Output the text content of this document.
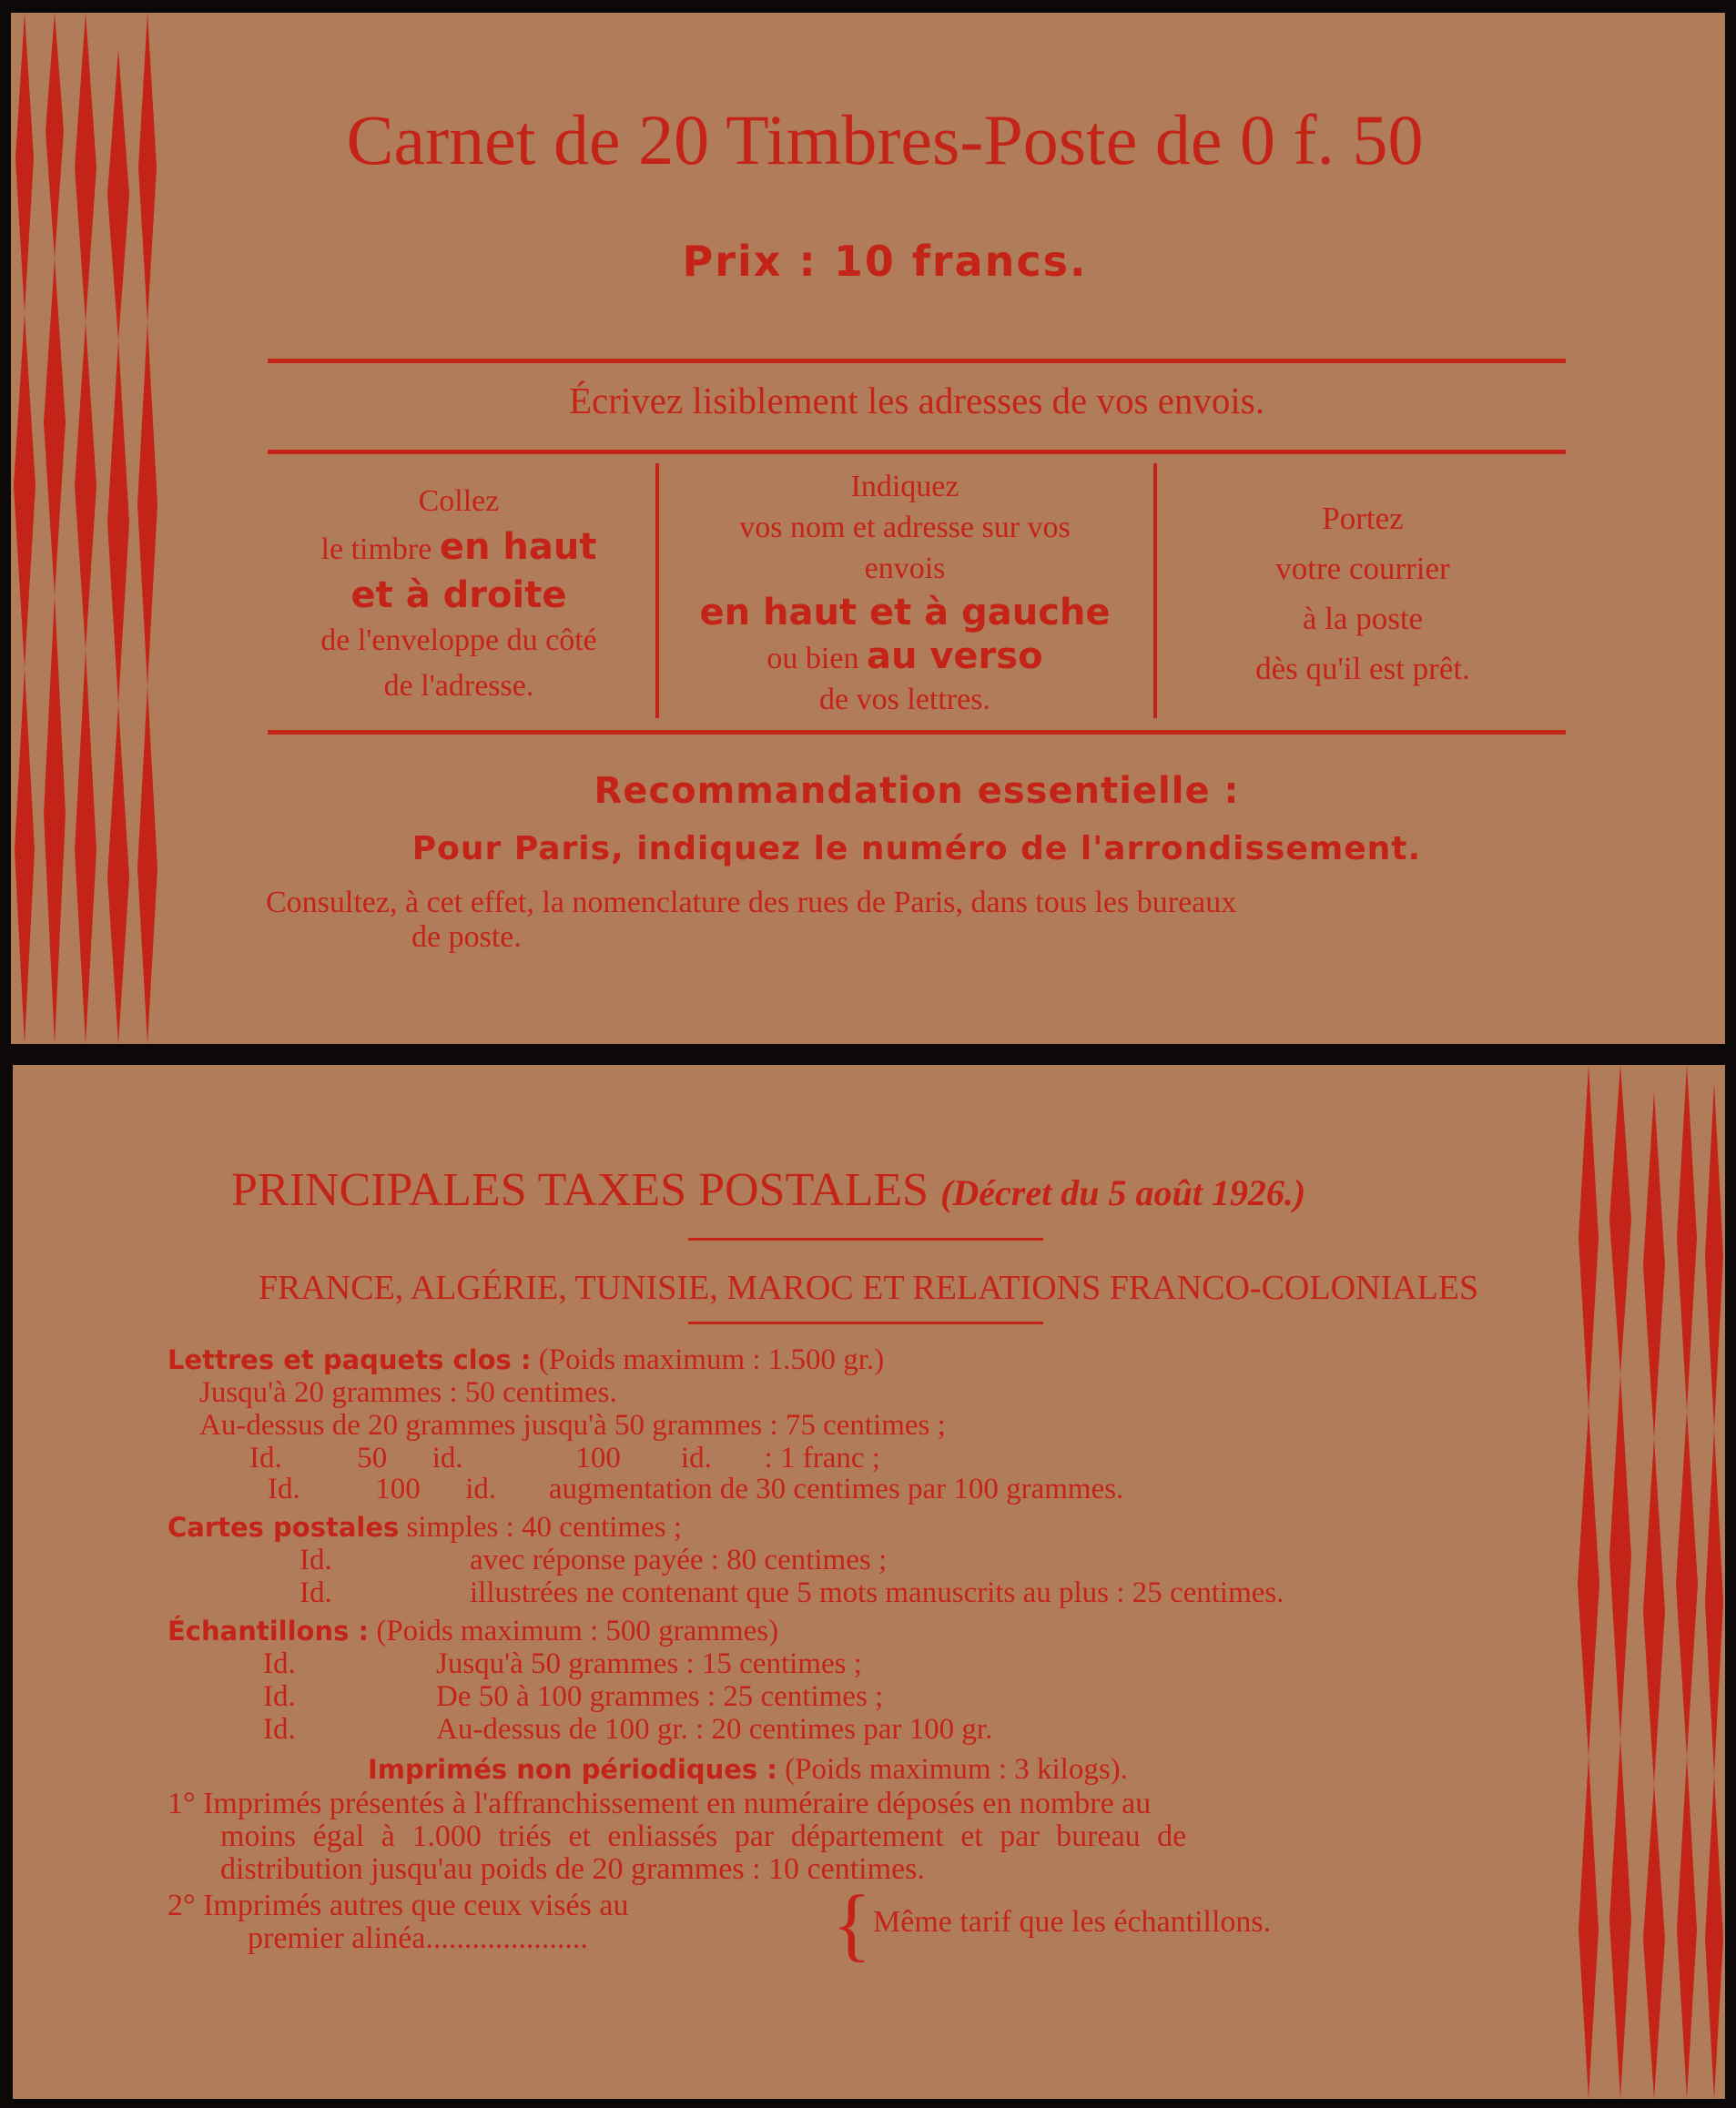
Carnet de 20 Timbres-Poste de 0 f. 50
Prix : 10 francs.
Écrivez lisiblement les adresses de vos envois.
Collez
le timbre en haut
et à droite
de l'enveloppe du côté
de l'adresse.
Indiquez
vos nom et adresse sur vos
envois
en haut et à gauche
ou bien au verso
de vos lettres.
Portez
votre courrier
à la poste
dès qu'il est prêt.
Recommandation essentielle :
Pour Paris, indiquez le numéro de l'arrondissement.
Consultez, à cet effet, la nomenclature des rues de Paris, dans tous les bureaux
de poste.
PRINCIPALES TAXES POSTALES (Décret du 5 août 1926.)
FRANCE, ALGÉRIE, TUNISIE, MAROC ET RELATIONS FRANCO-COLONIALES
Lettres et paquets clos : (Poids maximum : 1.500 gr.)
Jusqu'à 20 grammes : 50 centimes.
Au-dessus de 20 grammes jusqu'à 50 grammes : 75 centimes ;
Id.          50      id.               100        id.       : 1 franc ;
Id.          100      id.       augmentation de 30 centimes par 100 grammes.
Cartes postales simples : 40 centimes ;
Id.	avec réponse payée : 80 centimes ;
Id.	illustrées ne contenant que 5 mots manuscrits au plus : 25 centimes.
Échantillons : (Poids maximum : 500 grammes)
Id.	Jusqu'à 50 grammes : 15 centimes ;
Id.	De 50 à 100 grammes : 25 centimes ;
Id.	Au-dessus de 100 gr. : 20 centimes par 100 gr.
Imprimés non périodiques : (Poids maximum : 3 kilogs).
1° Imprimés présentés à l'affranchissement en numéraire déposés en nombre au
moins égal à 1.000 triés et enliassés par département et par bureau de
distribution jusqu'au poids de 20 grammes : 10 centimes.
2° Imprimés autres que ceux visés au
premier alinéa.....................	{ Même tarif que les échantillons.
